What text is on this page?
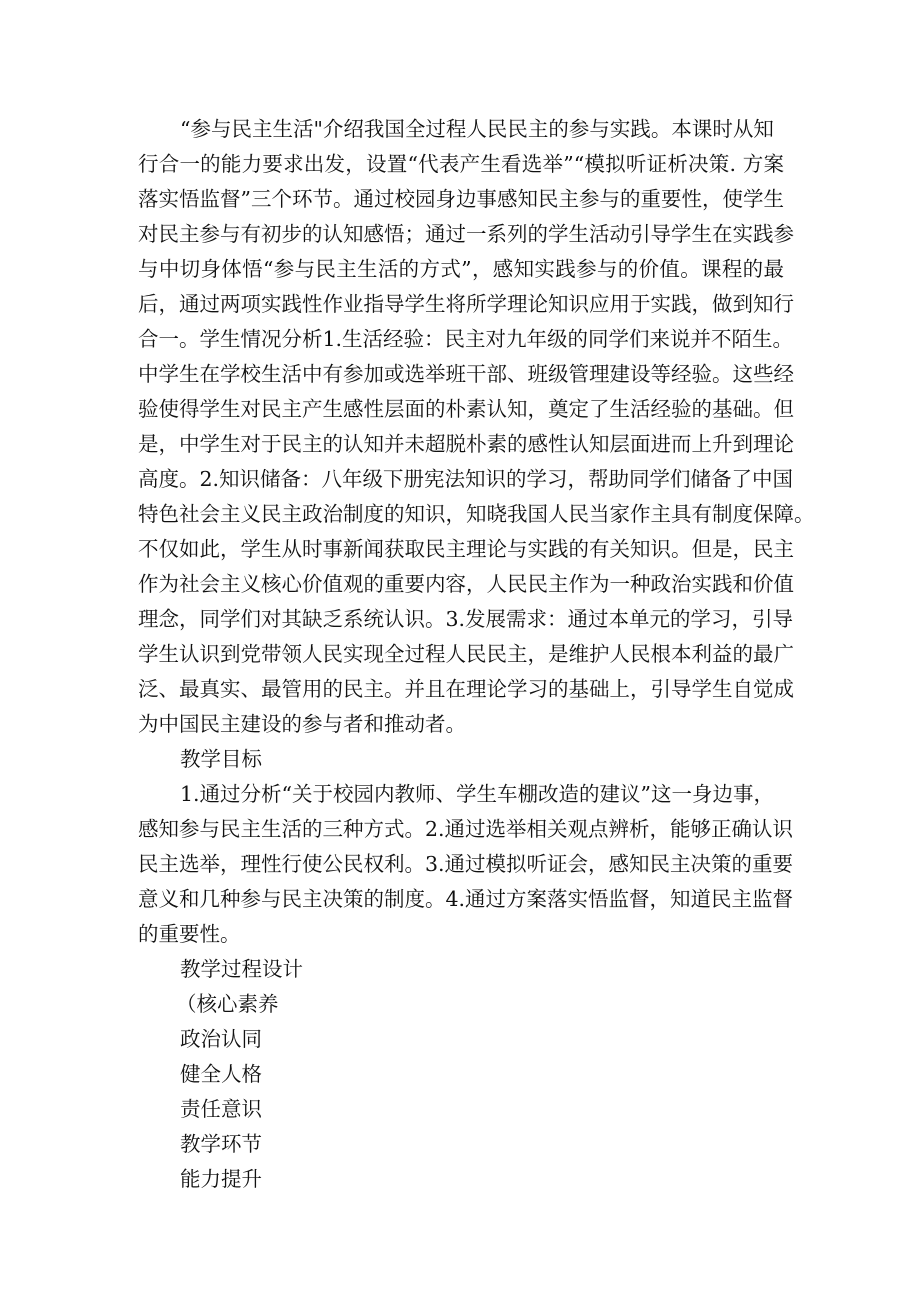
“参与民主生活"介绍我国全过程人民民主的参与实践。本课时从知
行合一的能力要求出发，设置“代表产生看选举”“模拟听证析决策. 方案
落实悟监督”三个环节。通过校园身边事感知民主参与的重要性，使学生
对民主参与有初步的认知感悟；通过一系列的学生活动引导学生在实践参
与中切身体悟“参与民主生活的方式”，感知实践参与的价值。课程的最
后，通过两项实践性作业指导学生将所学理论知识应用于实践，做到知行
合一。学生情况分析1.生活经验：民主对九年级的同学们来说并不陌生。
中学生在学校生活中有参加或选举班干部、班级管理建设等经验。这些经
验使得学生对民主产生感性层面的朴素认知，奠定了生活经验的基础。但
是，中学生对于民主的认知并未超脱朴素的感性认知层面进而上升到理论
高度。2.知识储备：八年级下册宪法知识的学习，帮助同学们储备了中国
特色社会主义民主政治制度的知识，知晓我国人民当家作主具有制度保障。
不仅如此，学生从时事新闻获取民主理论与实践的有关知识。但是，民主
作为社会主义核心价值观的重要内容，人民民主作为一种政治实践和价值
理念，同学们对其缺乏系统认识。3.发展需求：通过本单元的学习，引导
学生认识到党带领人民实现全过程人民民主，是维护人民根本利益的最广
泛、最真实、最管用的民主。并且在理论学习的基础上，引导学生自觉成
为中国民主建设的参与者和推动者。
教学目标
1.通过分析“关于校园内教师、学生车棚改造的建议”这一身边事，
感知参与民主生活的三种方式。2.通过选举相关观点辨析，能够正确认识
民主选举，理性行使公民权利。3.通过模拟听证会，感知民主决策的重要
意义和几种参与民主决策的制度。4.通过方案落实悟监督，知道民主监督
的重要性。
教学过程设计
（核心素养
政治认同
健全人格
责任意识
教学环节
能力提升
